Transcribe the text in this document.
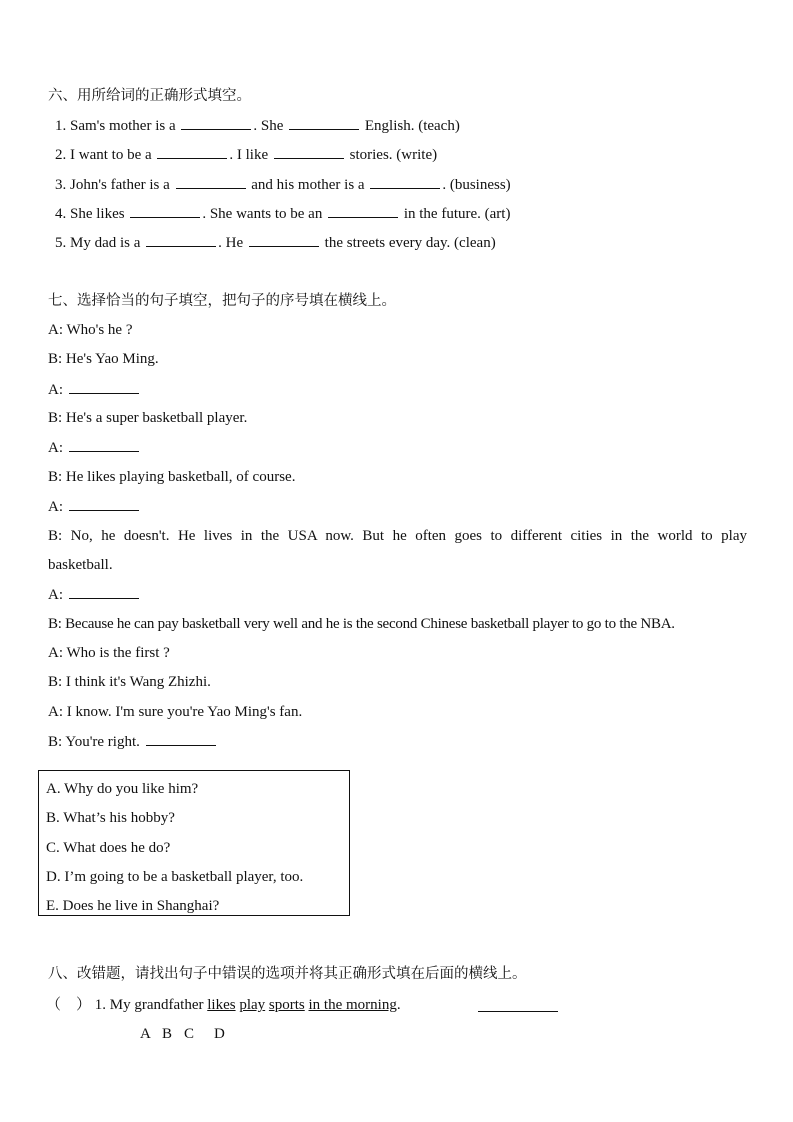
六、用所给词的正确形式填空。
1. Sam's mother is a	. She	English. (teach)
2. I want to be a	. I like	stories. (write)
3. John's father is a	and his mother is a	. (business)
4. She likes	. She wants to be an	in the future. (art)
5. My dad is a	. He	the streets every day. (clean)
七、选择恰当的句子填空，把句子的序号填在横线上。
A: Who's he ?
B: He's Yao Ming.
A:
B: He's a super basketball player.
A:
B: He likes playing basketball, of course.
A:
B: No, he doesn't. He lives in the USA now. But he often goes to different cities in the world to play
basketball.
A:
B: Because he can pay basketball very well and he is the second Chinese basketball player to go to the NBA.
A: Who is the first ?
B: I think it's Wang Zhizhi.
A: I know. I'm sure you're Yao Ming's fan.
B: You're right.
A. Why do you like him?
B. What’s his hobby?
C. What does he do?
D. I’m going to be a basketball player, too.
E. Does he live in Shanghai?
八、改错题，请找出句子中错误的选项并将其正确形式填在后面的横线上。
（　） 1. My grandfather likes play sports in the morning.
A B C D
